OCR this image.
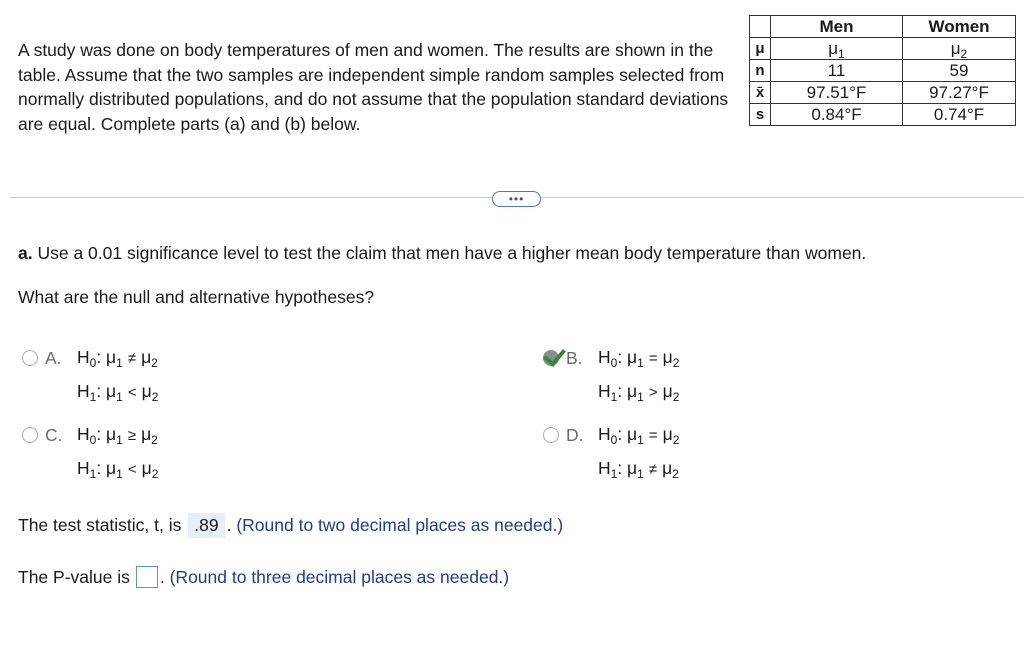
A study was done on body temperatures of men and women. The results are shown in the table. Assume that the two samples are independent simple random samples selected from normally distributed populations, and do not assume that the population standard deviations are equal. Complete parts (a) and (b) below.
	Men	Women
μ	$\mu_1$	$\mu_2$
n	11	59
x̄	97.51°F	97.27°F
s	0.84°F	0.74°F
•••
a. Use a 0.01 significance level to test the claim that men have a higher mean body temperature than women.
What are the null and alternative hypotheses?
A. $H_0$: $\mu_1 \ne \mu_2$
$H_1$: $\mu_1 < \mu_2$
B. $H_0$: $\mu_1 = \mu_2$
$H_1$: $\mu_1 > \mu_2$
C. $H_0$: $\mu_1 \ge \mu_2$
$H_1$: $\mu_1 < \mu_2$
D. $H_0$: $\mu_1 = \mu_2$
$H_1$: $\mu_1 \ne \mu_2$
The test statistic, t, is .89 . (Round to two decimal places as needed.)
The P-value is .
(Round to three decimal places as needed.)
